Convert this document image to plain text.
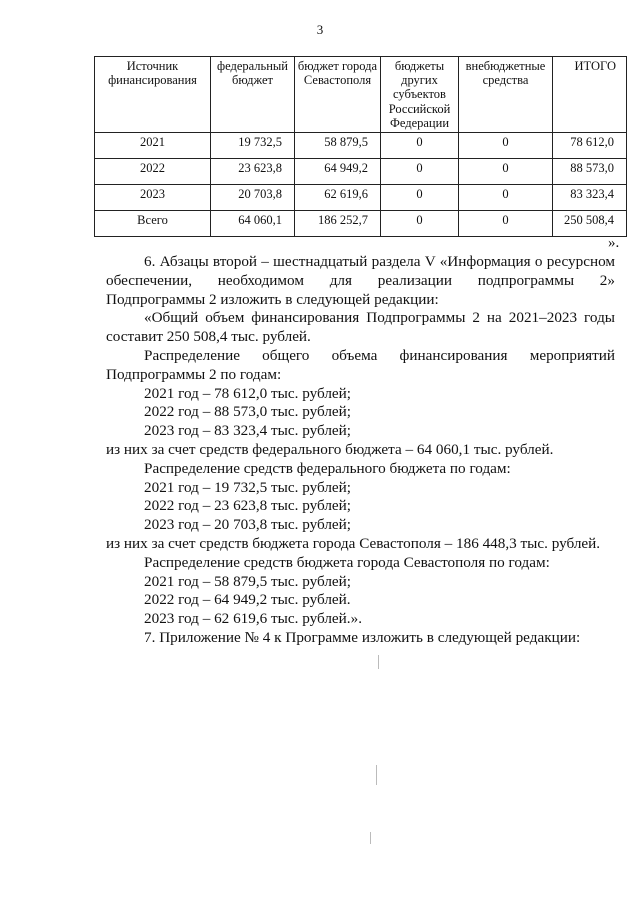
3
Источник финансирования	федеральный бюджет	бюджет города Севастополя	бюджеты других субъектов Российской Федерации	внебюджетные средства	ИТОГО
2021	19 732,5	58 879,5	0	0	78 612,0
2022	23 623,8	64 949,2	0	0	88 573,0
2023	20 703,8	62 619,6	0	0	83 323,4
Всего	64 060,1	186 252,7	0	0	250 508,4
».

6. Абзацы второй – шестнадцатый раздела V «Информация о ресурсном

обеспечении, необходимом для реализации подпрограммы 2»

Подпрограммы 2 изложить в следующей редакции:

«Общий объем финансирования Подпрограммы 2 на 2021–2023 годы

составит 250 508,4 тыс. рублей.

Распределение общего объема финансирования мероприятий

Подпрограммы 2 по годам:

2021 год – 78 612,0 тыс. рублей;

2022 год – 88 573,0 тыс. рублей;

2023 год – 83 323,4 тыс. рублей;

из них за счет средств федерального бюджета – 64 060,1 тыс. рублей.

Распределение средств федерального бюджета по годам:

2021 год – 19 732,5 тыс. рублей;

2022 год – 23 623,8 тыс. рублей;

2023 год – 20 703,8 тыс. рублей;

из них за счет средств бюджета города Севастополя – 186 448,3 тыс. рублей.

Распределение средств бюджета города Севастополя по годам:

2021 год – 58 879,5 тыс. рублей;

2022 год – 64 949,2 тыс. рублей.

2023 год – 62 619,6 тыс. рублей.».

7. Приложение № 4 к Программе изложить в следующей редакции:
